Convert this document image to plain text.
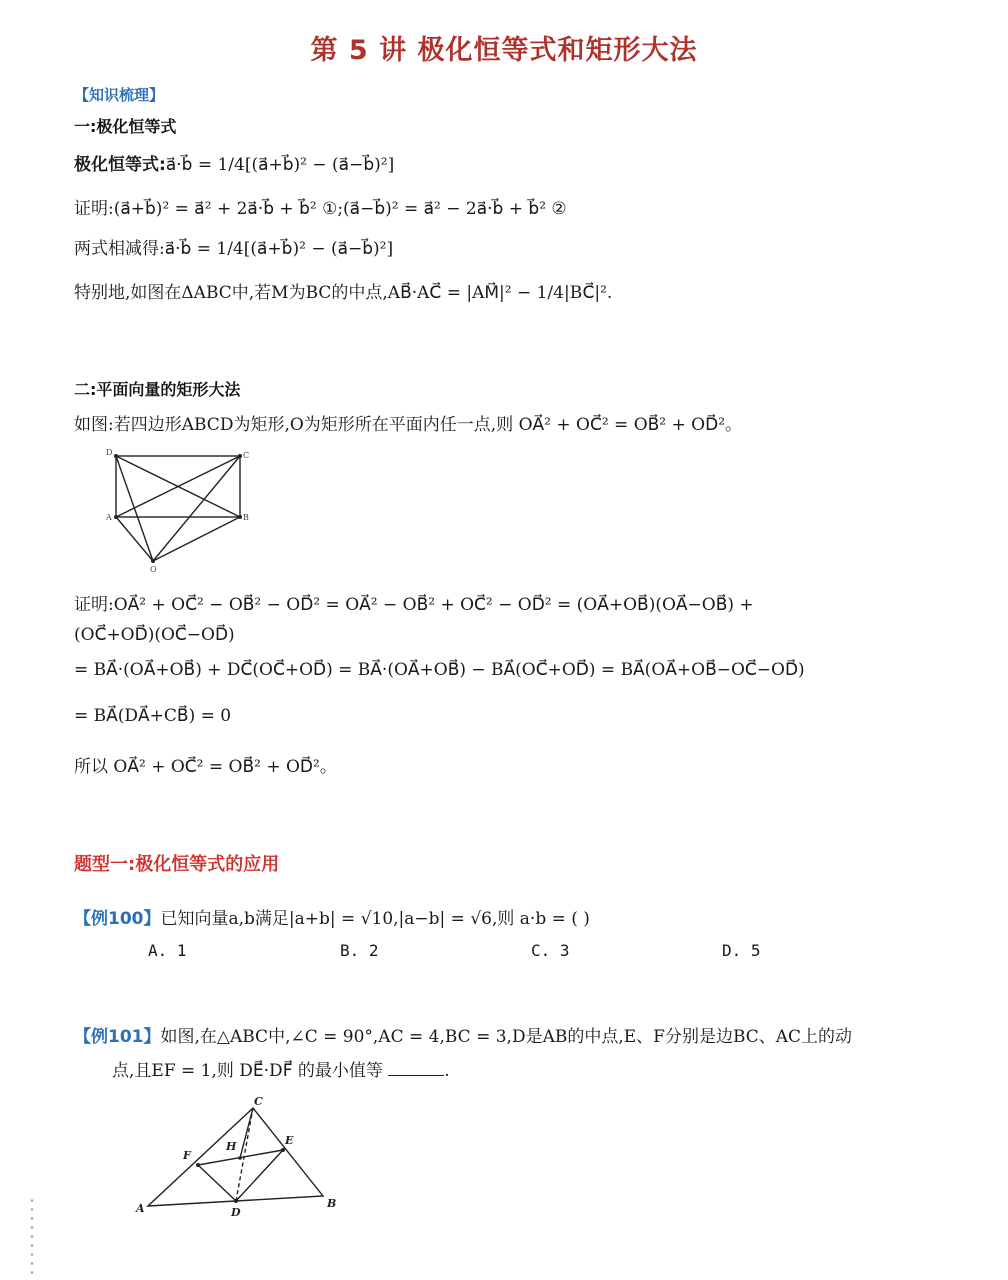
第 5 讲 极化恒等式和矩形大法
【知识梳理】
一:极化恒等式
极化恒等式:a⃗·b⃗ = 1/4[(a⃗+b⃗)² − (a⃗−b⃗)²]
证明:(a⃗+b⃗)² = a⃗² + 2a⃗·b⃗ + b⃗² ①;(a⃗−b⃗)² = a⃗² − 2a⃗·b⃗ + b⃗² ②
两式相减得:a⃗·b⃗ = 1/4[(a⃗+b⃗)² − (a⃗−b⃗)²]
特别地,如图在ΔABC中,若M为BC的中点,AB⃗·AC⃗ = |AM⃗|² − 1/4|BC⃗|².
二:平面向量的矩形大法
如图:若四边形ABCD为矩形,O为矩形所在平面内任一点,则 OA⃗² + OC⃗² = OB⃗² + OD⃗²。
D	C
A	B
O
证明:OA⃗² + OC⃗² − OB⃗² − OD⃗² = OA⃗² − OB⃗² + OC⃗² − OD⃗² = (OA⃗+OB⃗)(OA⃗−OB⃗) +
(OC⃗+OD⃗)(OC⃗−OD⃗)
= BA⃗·(OA⃗+OB⃗) + DC⃗(OC⃗+OD⃗) = BA⃗·(OA⃗+OB⃗) − BA⃗(OC⃗+OD⃗) = BA⃗(OA⃗+OB⃗−OC⃗−OD⃗)
= BA⃗(DA⃗+CB⃗) = 0
所以 OA⃗² + OC⃗² = OB⃗² + OD⃗²。
题型一:极化恒等式的应用
【例100】已知向量a,b满足|a+b| = √10,|a−b| = √6,则 a·b = ( )
A. 1	B. 2	C. 3	D. 5
【例101】如图,在△ABC中,∠C = 90°,AC = 4,BC = 3,D是AB的中点,E、F分别是边BC、AC上的动
点,且EF = 1,则 DE⃗·DF⃗ 的最小值等	.
C
H	E
F
A	D
B
